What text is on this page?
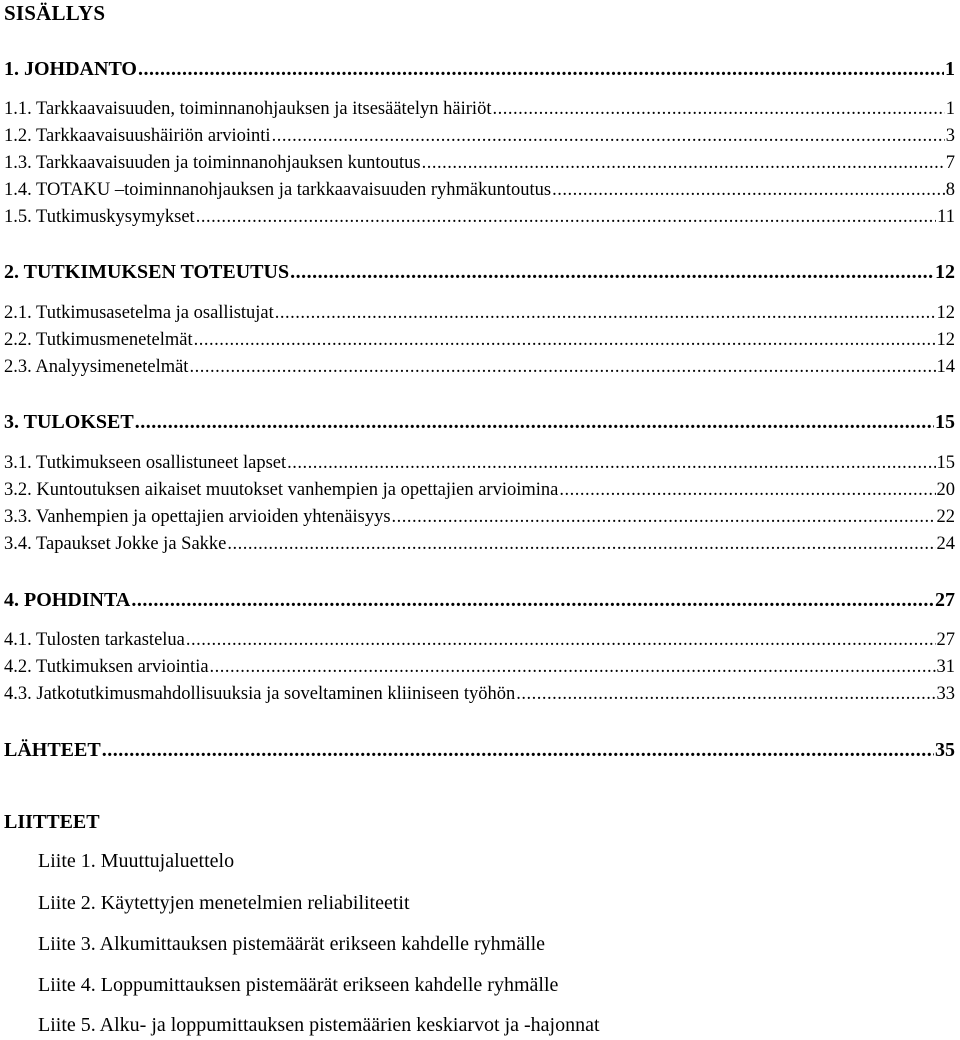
SISÄLLYS
1. JOHDANTO .....	1
1.1. Tarkkaavaisuuden, toiminnanohjauksen ja itsesäätelyn häiriöt .....	1
1.2. Tarkkaavaisuushäiriön arviointi .....	3
1.3. Tarkkaavaisuuden ja toiminnanohjauksen kuntoutus .....	7
1.4. TOTAKU –toiminnanohjauksen ja tarkkaavaisuuden ryhmäkuntoutus .....	8
1.5. Tutkimuskysymykset .....	11
2. TUTKIMUKSEN TOTEUTUS .....	12
2.1. Tutkimusasetelma ja osallistujat .....	12
2.2. Tutkimusmenetelmät .....	12
2.3. Analyysimenetelmät .....	14
3. TULOKSET .....	15
3.1. Tutkimukseen osallistuneet lapset .....	15
3.2. Kuntoutuksen aikaiset muutokset vanhempien ja opettajien arvioimina .....	20
3.3. Vanhempien ja opettajien arvioiden yhtenäisyys .....	22
3.4. Tapaukset Jokke ja Sakke .....	24
4. POHDINTA .....	27
4.1. Tulosten tarkastelua .....	27
4.2. Tutkimuksen arviointia .....	31
4.3. Jatkotutkimusmahdollisuuksia ja soveltaminen kliiniseen työhön .....	33
LÄHTEET .....	35
LIITTEET
Liite 1. Muuttujaluettelo
Liite 2. Käytettyjen menetelmien reliabiliteetit
Liite 3. Alkumittauksen pistemäärät erikseen kahdelle ryhmälle
Liite 4. Loppumittauksen pistemäärät erikseen kahdelle ryhmälle
Liite 5. Alku- ja loppumittauksen pistemäärien keskiarvot ja -hajonnat
